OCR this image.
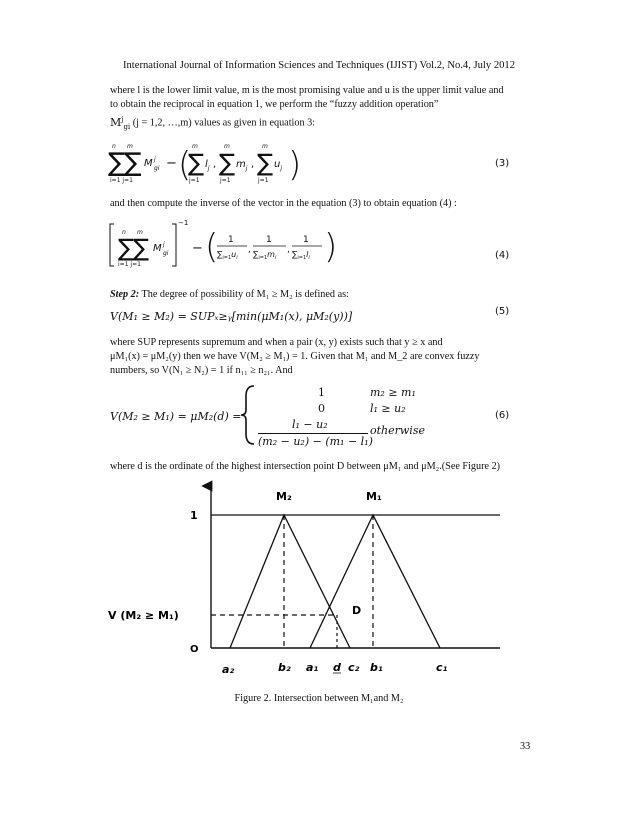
International Journal of Information Sciences and Techniques (IJIST) Vol.2, No.4, July 2012
where l is the lower limit value, m is the most promising value and u is the upper limit value and
to obtain the reciprocal in equation 1, we perform the “fuzzy addition operation”
$M^j_{gi}$ (j = 1,2, …,m) values as given in equation 3:
n m
∑
∑
i=1 j=1
M j
gi − ( m
∑
j=1
$l_j$ ,
m
∑
j=1
$m_j$ ,
m
∑
j=1
$u_j$ )	(3)
and then compute the inverse of the vector in the equation (3) to obtain equation (4) :
n m
∑
∑
i=1 j=1
M j
gi
−1
− ( 1
$\sum_{i=1}u_i$
,
1
$\sum_{i=1}m_i$
,
1
$\sum_{i=1}l_i$ )	(4)
Step 2: The degree of possibility of M₁ ≥ M₂ is defined as:
V(M₁ ≥ M₂) = SUPₓ≥ᵧ[min(μM₁(x), μM₂(y))]	(5)
where SUP represents supremum and when a pair (x, y) exists such that y ≥ x and
μM₁(x) = μM₂(y) then we have V(M₂ ≥ M₁) = 1. Given that M₁ and M_2 are convex fuzzy
numbers, so V(N₁ ≥ N₂) = 1 if n₁₁ ≥ n₂₁. And
V(M₂ ≥ M₁) = μM₂(d) =
1	m₂ ≥ m₁
0	l₁ ≥ u₂
l₁ − u₂
(m₂ − u₂) − (m₁ − l₁)
otherwise
(6)
where d is the ordinate of the highest intersection point D between μM₁ and μM₂.(See Figure 2)
M₂	M₁
1
V (M₂ ≥ M₁)
O
D
a₂	b₂ a₁ d c₂ b₁	c₁
Figure 2. Intersection between M₁and M₂
33
